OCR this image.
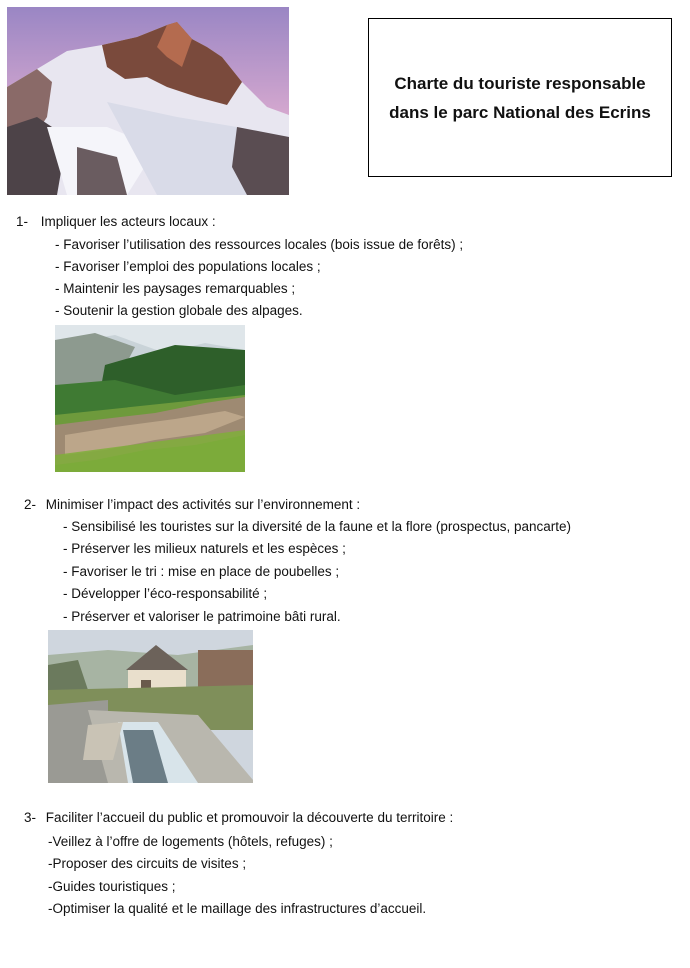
Charte du touriste responsable
dans le parc National des Ecrins
1- Impliquer les acteurs locaux :
- Favoriser l’utilisation des ressources locales (bois issue de forêts) ;
- Favoriser l’emploi des populations locales ;
- Maintenir les paysages remarquables ;
- Soutenir la gestion globale des alpages.
2- Minimiser l’impact des activités sur l’environnement :
- Sensibilisé les touristes sur la diversité de la faune et la flore (prospectus, pancarte)
- Préserver les milieux naturels et les espèces ;
- Favoriser le tri : mise en place de poubelles ;
- Développer l’éco-responsabilité ;
- Préserver et valoriser le patrimoine bâti rural.
3- Faciliter l’accueil du public et promouvoir la découverte du territoire :
-Veillez à l’offre de logements (hôtels, refuges) ;
-Proposer des circuits de visites ;
-Guides touristiques ;
-Optimiser la qualité et le maillage des infrastructures d’accueil.
